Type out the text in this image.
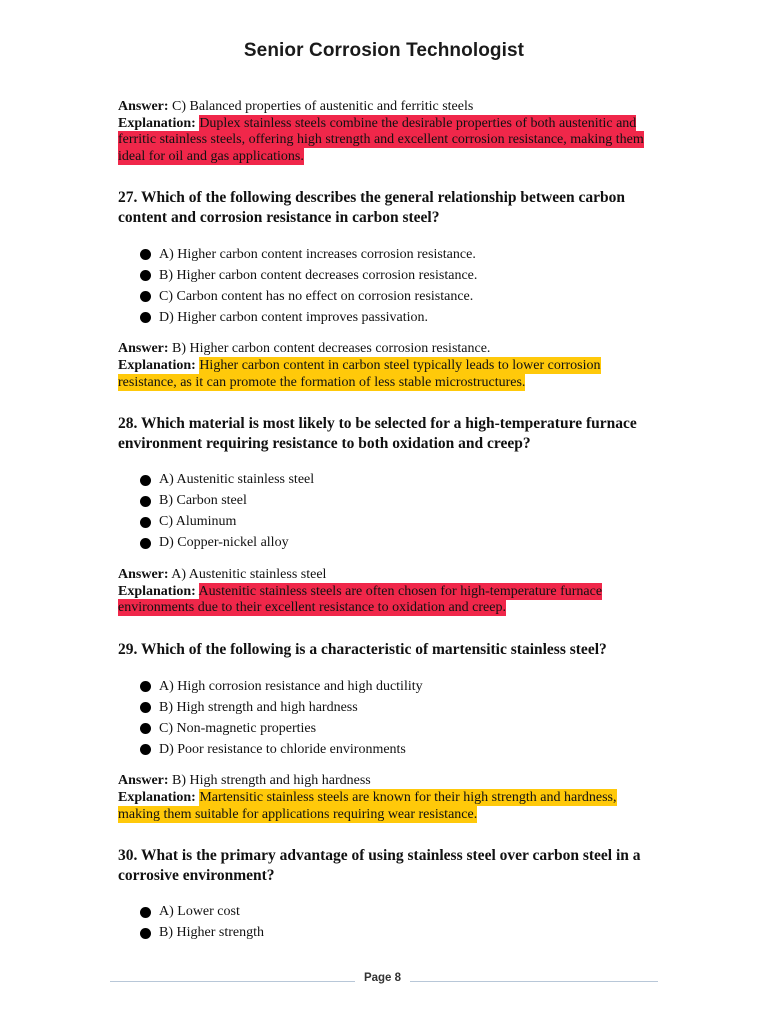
Senior Corrosion Technologist

Answer: C) Balanced properties of austenitic and ferritic steels

Explanation: Duplex stainless steels combine the desirable properties of both austenitic and ferritic stainless steels, offering high strength and excellent corrosion resistance, making them ideal for oil and gas applications.

27. Which of the following describes the general relationship between carbon content and corrosion resistance in carbon steel?

A) Higher carbon content increases corrosion resistance.
B) Higher carbon content decreases corrosion resistance.
C) Carbon content has no effect on corrosion resistance.
D) Higher carbon content improves passivation.

Answer: B) Higher carbon content decreases corrosion resistance.

Explanation: Higher carbon content in carbon steel typically leads to lower corrosion resistance, as it can promote the formation of less stable microstructures.

28. Which material is most likely to be selected for a high-temperature furnace environment requiring resistance to both oxidation and creep?

A) Austenitic stainless steel
B) Carbon steel
C) Aluminum
D) Copper-nickel alloy

Answer: A) Austenitic stainless steel

Explanation: Austenitic stainless steels are often chosen for high-temperature furnace environments due to their excellent resistance to oxidation and creep.

29. Which of the following is a characteristic of martensitic stainless steel?

A) High corrosion resistance and high ductility
B) High strength and high hardness
C) Non-magnetic properties
D) Poor resistance to chloride environments

Answer: B) High strength and high hardness

Explanation: Martensitic stainless steels are known for their high strength and hardness, making them suitable for applications requiring wear resistance.

30. What is the primary advantage of using stainless steel over carbon steel in a corrosive environment?

A) Lower cost
B) Higher strength
Page 8
